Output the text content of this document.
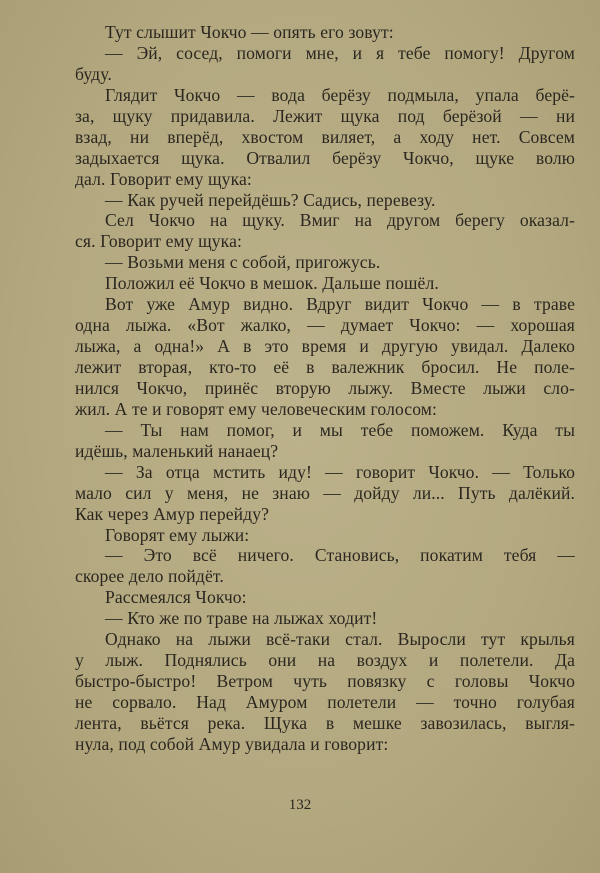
Тут слышит Чокчо — опять его зовут:
— Эй, сосед, помоги мне, и я тебе помогу! Другом
буду.
Глядит Чокчо — вода берёзу подмыла, упала берё-
за, щуку придавила. Лежит щука под берёзой — ни
взад, ни вперёд, хвостом виляет, а ходу нет. Совсем
задыхается щука. Отвалил берёзу Чокчо, щуке волю
дал. Говорит ему щука:
— Как ручей перейдёшь? Садись, перевезу.
Сел Чокчо на щуку. Вмиг на другом берегу оказал-
ся. Говорит ему щука:
— Возьми меня с собой, пригожусь.
Положил её Чокчо в мешок. Дальше пошёл.
Вот уже Амур видно. Вдруг видит Чокчо — в траве
одна лыжа. «Вот жалко, — думает Чокчо: — хорошая
лыжа, а одна!» А в это время и другую увидал. Далеко
лежит вторая, кто-то её в валежник бросил. Не поле-
нился Чокчо, принёс вторую лыжу. Вместе лыжи сло-
жил. А те и говорят ему человеческим голосом:
— Ты нам помог, и мы тебе поможем. Куда ты
идёшь, маленький нанаец?
— За отца мстить иду! — говорит Чокчо. — Только
мало сил у меня, не знаю — дойду ли... Путь далёкий.
Как через Амур перейду?
Говорят ему лыжи:
— Это всё ничего. Становись, покатим тебя —
скорее дело пойдёт.
Рассмеялся Чокчо:
— Кто же по траве на лыжах ходит!
Однако на лыжи всё-таки стал. Выросли тут крылья
у лыж. Поднялись они на воздух и полетели. Да
быстро-быстро! Ветром чуть повязку с головы Чокчо
не сорвало. Над Амуром полетели — точно голубая
лента, вьётся река. Щука в мешке завозилась, выгля-
нула, под собой Амур увидала и говорит:
132
